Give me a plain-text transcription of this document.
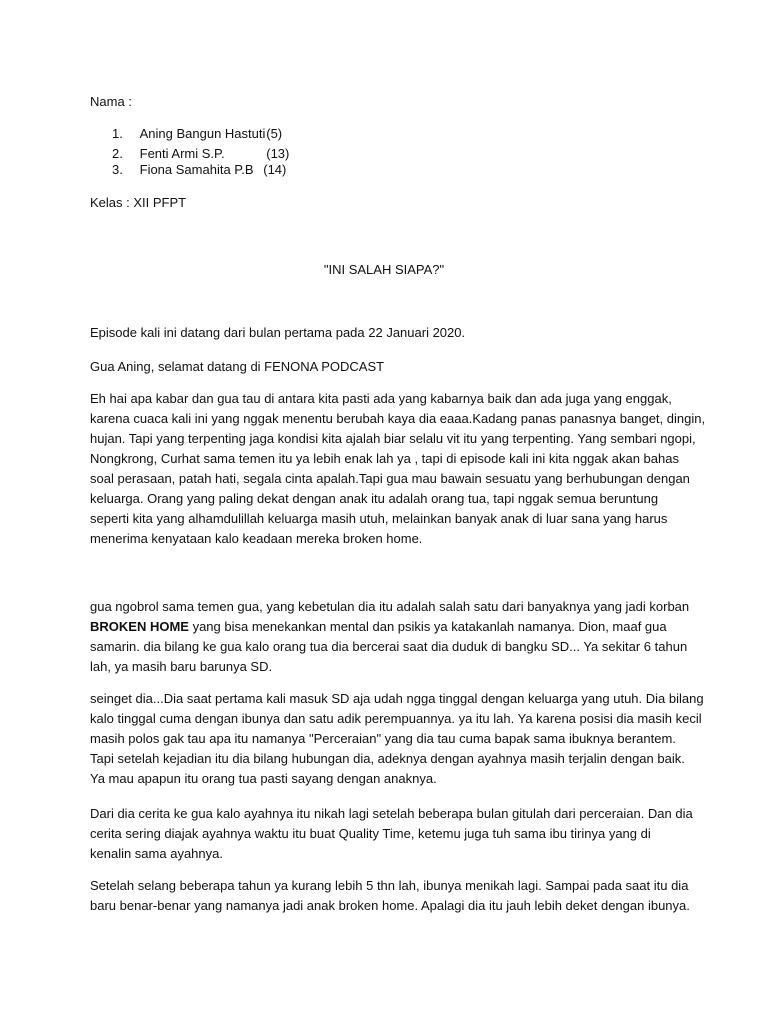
Nama :
1. Aning Bangun Hastuti (5)
2. Fenti Armi S.P.	(13)
3. Fiona Samahita P.B (14)
Kelas : XII PFPT
"INI SALAH SIAPA?"
Episode kali ini datang dari bulan pertama pada 22 Januari 2020.
Gua Aning, selamat datang di FENONA PODCAST
Eh hai apa kabar dan gua tau di antara kita pasti ada yang kabarnya baik dan ada juga yang enggak,
karena cuaca kali ini yang nggak menentu berubah kaya dia eaaa.Kadang panas panasnya banget, dingin,
hujan. Tapi yang terpenting jaga kondisi kita ajalah biar selalu vit itu yang terpenting. Yang sembari ngopi,
Nongkrong, Curhat sama temen itu ya lebih enak lah ya , tapi di episode kali ini kita nggak akan bahas
soal perasaan, patah hati, segala cinta apalah.Tapi gua mau bawain sesuatu yang berhubungan dengan
keluarga. Orang yang paling dekat dengan anak itu adalah orang tua, tapi nggak semua beruntung
seperti kita yang alhamdulillah keluarga masih utuh, melainkan banyak anak di luar sana yang harus
menerima kenyataan kalo keadaan mereka broken home.
gua ngobrol sama temen gua, yang kebetulan dia itu adalah salah satu dari banyaknya yang jadi korban
BROKEN HOME yang bisa menekankan mental dan psikis ya katakanlah namanya. Dion, maaf gua
samarin. dia bilang ke gua kalo orang tua dia bercerai saat dia duduk di bangku SD... Ya sekitar 6 tahun
lah, ya masih baru barunya SD.
seinget dia...Dia saat pertama kali masuk SD aja udah ngga tinggal dengan keluarga yang utuh. Dia bilang
kalo tinggal cuma dengan ibunya dan satu adik perempuannya. ya itu lah. Ya karena posisi dia masih kecil
masih polos gak tau apa itu namanya "Perceraian" yang dia tau cuma bapak sama ibuknya berantem.
Tapi setelah kejadian itu dia bilang hubungan dia, adeknya dengan ayahnya masih terjalin dengan baik.
Ya mau apapun itu orang tua pasti sayang dengan anaknya.
Dari dia cerita ke gua kalo ayahnya itu nikah lagi setelah beberapa bulan gitulah dari perceraian. Dan dia
cerita sering diajak ayahnya waktu itu buat Quality Time, ketemu juga tuh sama ibu tirinya yang di
kenalin sama ayahnya.
Setelah selang beberapa tahun ya kurang lebih 5 thn lah, ibunya menikah lagi. Sampai pada saat itu dia
baru benar-benar yang namanya jadi anak broken home. Apalagi dia itu jauh lebih deket dengan ibunya.
